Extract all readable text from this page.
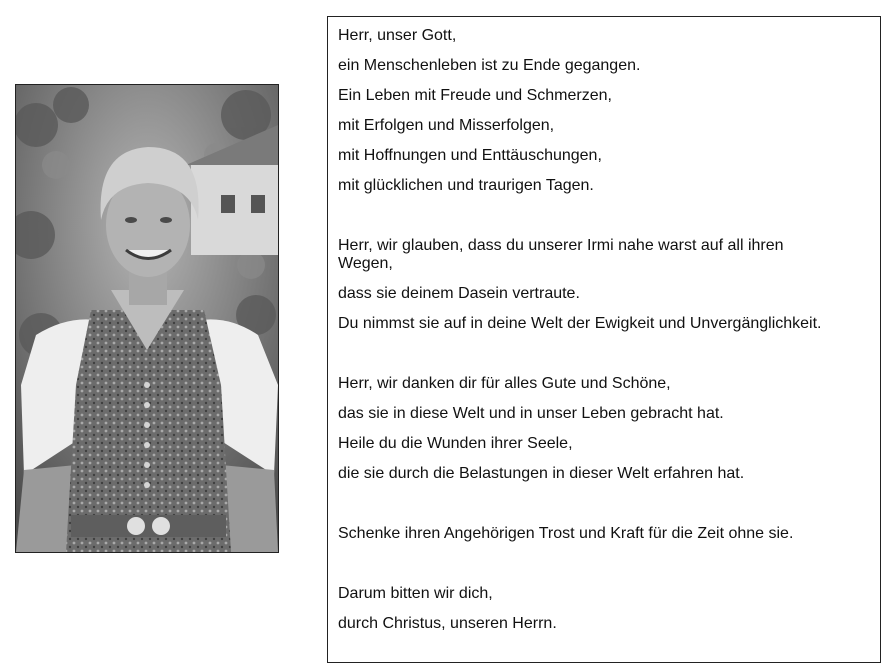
Herr, unser Gott,
ein Menschenleben ist zu Ende gegangen.
Ein Leben mit Freude und Schmerzen,
mit Erfolgen und Misserfolgen,
mit Hoffnungen und Enttäuschungen,
mit glücklichen und traurigen Tagen.
Herr, wir glauben, dass du unserer Irmi nahe warst auf all ihren Wegen,
dass sie deinem Dasein vertraute.
Du nimmst sie auf in deine Welt der Ewigkeit und Unvergänglichkeit.
Herr, wir danken dir für alles Gute und Schöne,
das sie in diese Welt und in unser Leben gebracht hat.
Heile du die Wunden ihrer Seele,
die sie durch die Belastungen in dieser Welt erfahren hat.
Schenke ihren Angehörigen Trost und Kraft für die Zeit ohne sie.
Darum bitten wir dich,
durch Christus, unseren Herrn.
